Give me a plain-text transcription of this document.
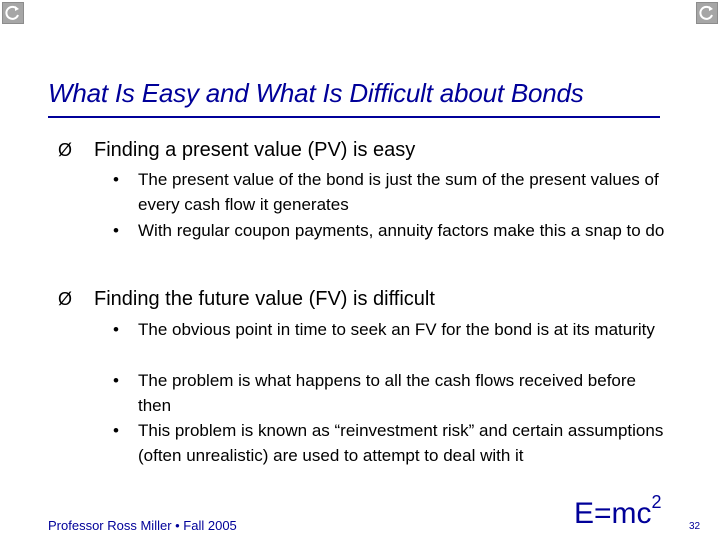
What Is Easy and What Is Difficult about Bonds
Ø Finding a present value (PV) is easy
• The present value of the bond is just the sum of the present values of every cash flow it generates
• With regular coupon payments, annuity factors make this a snap to do
Ø Finding the future value (FV) is difficult
• The obvious point in time to seek an FV for the bond is at its maturity
• The problem is what happens to all the cash flows received before then
• This problem is known as “reinvestment risk” and certain assumptions (often unrealistic) are used to attempt to deal with it
Professor Ross Miller • Fall 2005	$E=mc^2$
32
